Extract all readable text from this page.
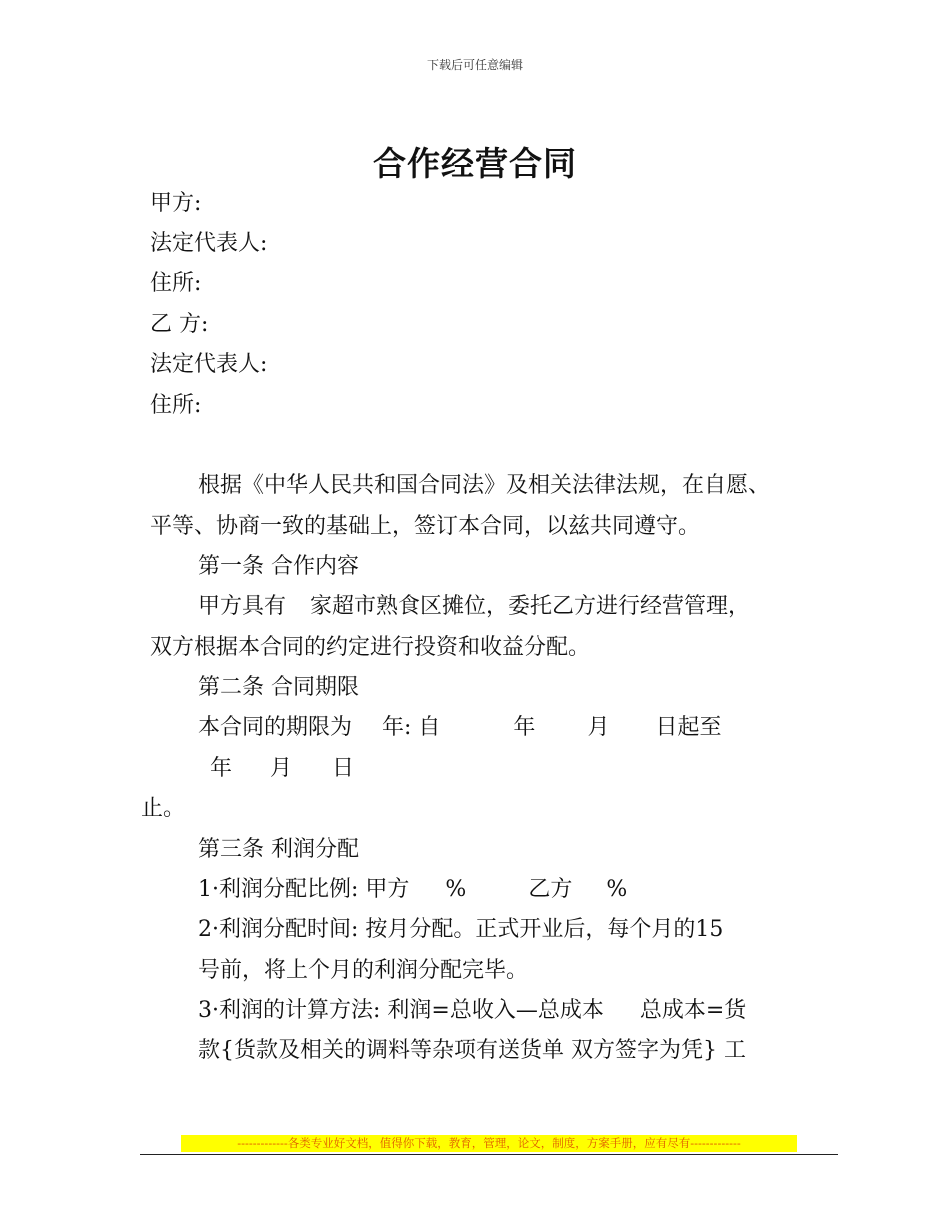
下载后可任意编辑
合作经营合同
甲方:
法定代表人:
住所:
乙 方:
法定代表人:
住所:
根据《中华人民共和国合同法》及相关法律法规，在自愿、
平等、协商一致的基础上，签订本合同，以兹共同遵守。
第一条 合作内容
甲方具有 家超市熟食区摊位，委托乙方进行经营管理，
双方根据本合同的约定进行投资和收益分配。
第二条 合同期限
本合同的期限为 年: 自	年 月 日起至
年 月 日
止。
第三条 利润分配
1·利润分配比例: 甲方 %	乙方 %
2·利润分配时间: 按月分配。正式开业后，每个月的15
号前，将上个月的利润分配完毕。
3·利润的计算方法: 利润=总收入—总成本 总成本=货
款{货款及相关的调料等杂项有送货单 双方签字为凭} 工
-------------各类专业好文档，值得你下载，教育，管理，论文，制度，方案手册，应有尽有-------------
